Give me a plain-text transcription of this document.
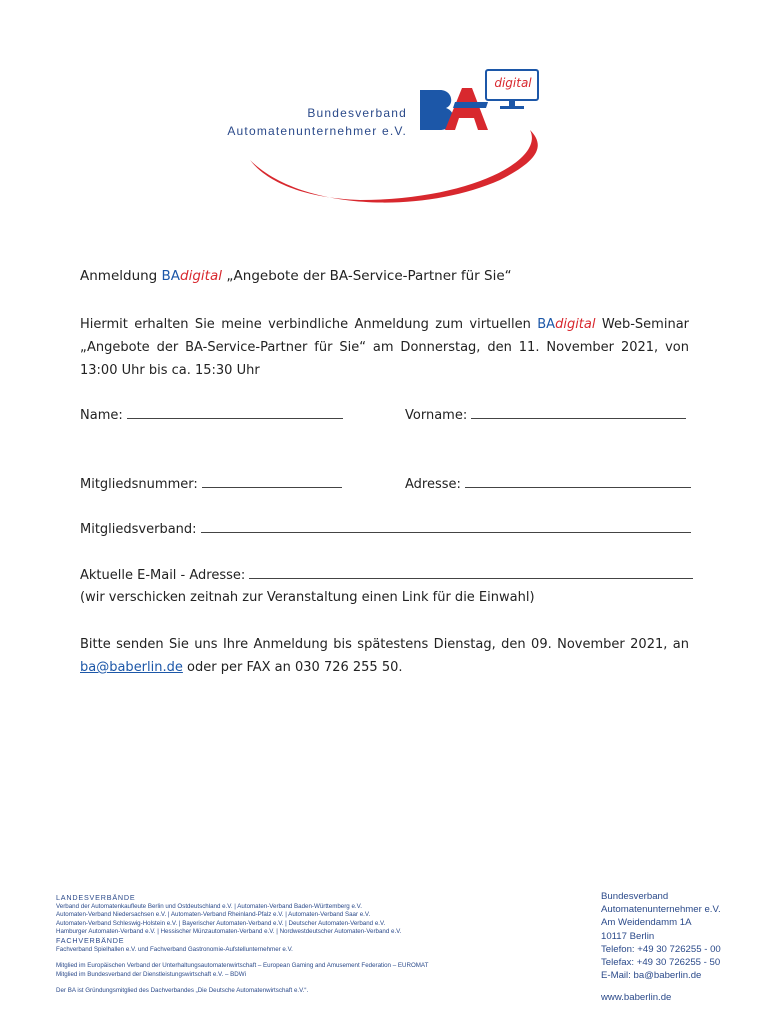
digital
Bundesverband
Automatenunternehmer e.V.
Anmeldung BAdigital „Angebote der BA-Service-Partner für Sie“
Hiermit erhalten Sie meine verbindliche Anmeldung zum virtuellen BAdigital Web-Seminar „Angebote der BA-Service-Partner für Sie“ am Donnerstag, den 11. November 2021, von 13:00 Uhr bis ca. 15:30 Uhr
Name:	Vorname:
Mitgliedsnummer:	Adresse:
Mitgliedsverband:
Aktuelle E-Mail - Adresse:
(wir verschicken zeitnah zur Veranstaltung einen Link für die Einwahl)
Bitte senden Sie uns Ihre Anmeldung bis spätestens Dienstag, den 09. November 2021, an ba@baberlin.de oder per FAX an 030 726 255 50.
LANDESVERBÄNDE
Verband der Automatenkaufleute Berlin und Ostdeutschland e.V. | Automaten-Verband Baden-Württemberg e.V.
Automaten-Verband Niedersachsen e.V. | Automaten-Verband Rheinland-Pfalz e.V. | Automaten-Verband Saar e.V.
Automaten-Verband Schleswig-Holstein e.V. | Bayerischer Automaten-Verband e.V. | Deutscher Automaten-Verband e.V.
Hamburger Automaten-Verband e.V. | Hessischer Münzautomaten-Verband e.V. | Nordwestdeutscher Automaten-Verband e.V.
FACHVERBÄNDE
Fachverband Spielhallen e.V. und Fachverband Gastronomie-Aufstellunternehmer e.V.
Mitglied im Europäischen Verband der Unterhaltungsautomatenwirtschaft – European Gaming and Amusement Federation – EUROMAT
Mitglied im Bundesverband der Dienstleistungswirtschaft e.V. – BDWi
Der BA ist Gründungsmitglied des Dachverbandes „Die Deutsche Automatenwirtschaft e.V.“.
Bundesverband
Automatenunternehmer e.V.
Am Weidendamm 1A
10117 Berlin
Telefon: +49 30 726255 - 00
Telefax: +49 30 726255 - 50
E-Mail: ba@baberlin.de
www.baberlin.de
